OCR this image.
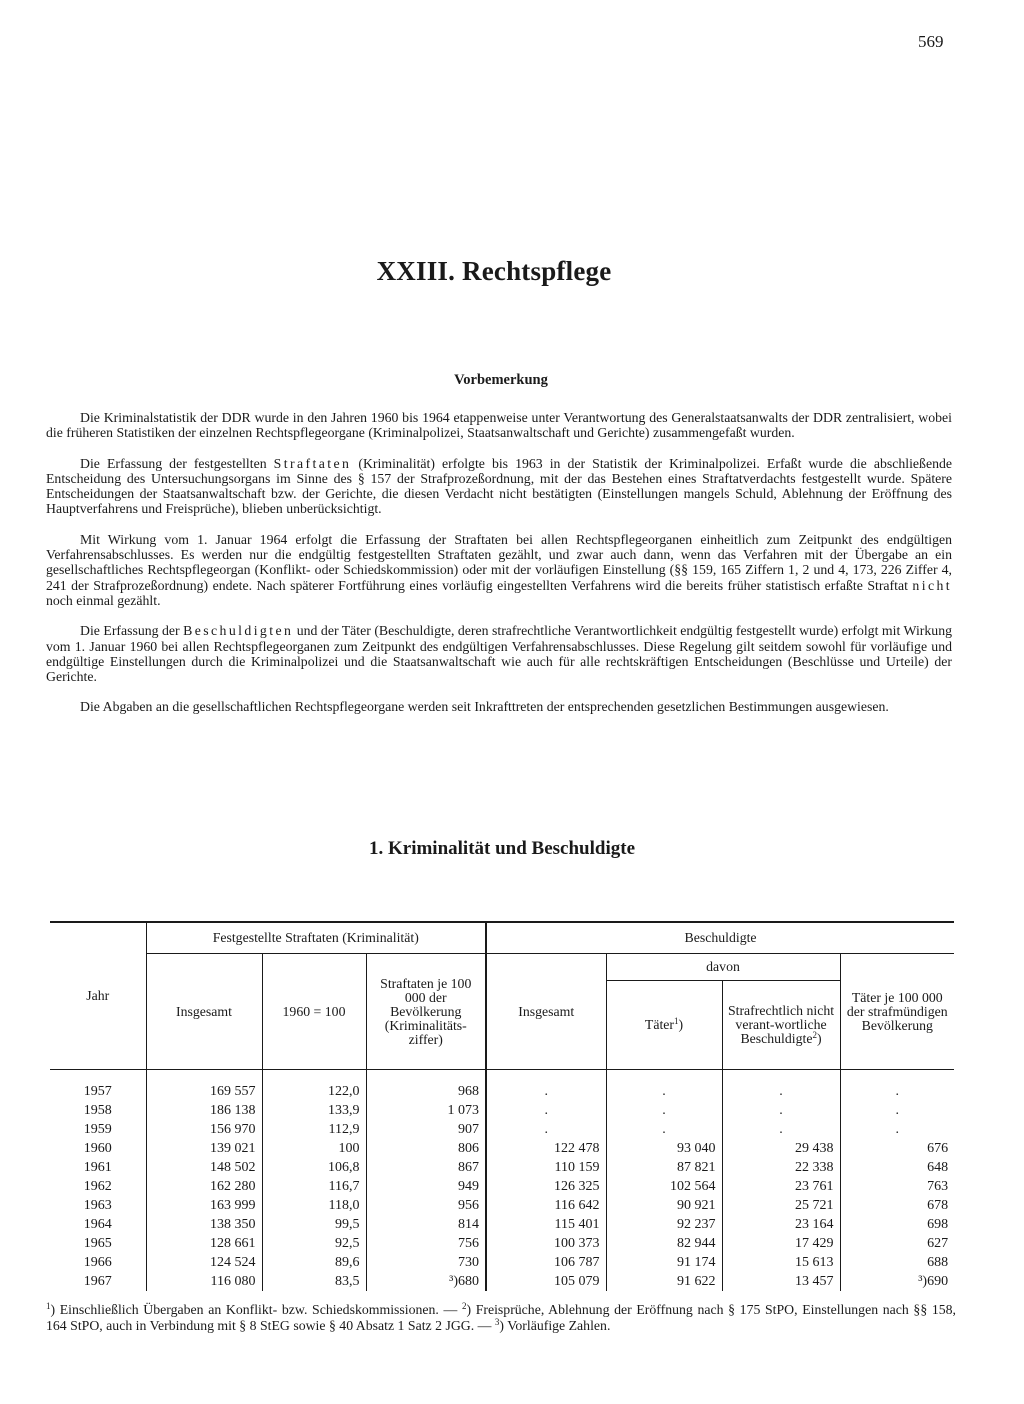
569
XXIII. Rechtspflege
Vorbemerkung

Die Kriminalstatistik der DDR wurde in den Jahren 1960 bis 1964 etappenweise unter Verantwortung des Generalstaatsanwalts der DDR zentralisiert, wobei die früheren Statistiken der einzelnen Rechtspflegeorgane (Kriminalpolizei, Staatsanwaltschaft und Gerichte) zusammengefaßt wurden.

Die Erfassung der festgestellten Straftaten (Kriminalität) erfolgte bis 1963 in der Statistik der Kriminalpolizei. Erfaßt wurde die abschließende Entscheidung des Untersuchungsorgans im Sinne des § 157 der Strafprozeßordnung, mit der das Bestehen eines Straftatverdachts festgestellt wurde. Spätere Entscheidungen der Staatsanwaltschaft bzw. der Gerichte, die diesen Verdacht nicht bestätigten (Einstellungen mangels Schuld, Ablehnung der Eröffnung des Hauptverfahrens und Freisprüche), blieben unberücksichtigt.

Mit Wirkung vom 1. Januar 1964 erfolgt die Erfassung der Straftaten bei allen Rechtspflegeorganen einheitlich zum Zeitpunkt des endgültigen Verfahrensabschlusses. Es werden nur die endgültig festgestellten Straftaten gezählt, und zwar auch dann, wenn das Verfahren mit der Übergabe an ein gesellschaftliches Rechtspflegeorgan (Konflikt- oder Schiedskommission) oder mit der vorläufigen Einstellung (§§ 159, 165 Ziffern 1, 2 und 4, 173, 226 Ziffer 4, 241 der Strafprozeßordnung) endete. Nach späterer Fortführung eines vorläufig eingestellten Verfahrens wird die bereits früher statistisch erfaßte Straftat nicht noch einmal gezählt.

Die Erfassung der Beschuldigten und der Täter (Beschuldigte, deren strafrechtliche Verantwortlichkeit endgültig festgestellt wurde) erfolgt mit Wirkung vom 1. Januar 1960 bei allen Rechtspflegeorganen zum Zeitpunkt des endgültigen Verfahrensabschlusses. Diese Regelung gilt seitdem sowohl für vorläufige und endgültige Einstellungen durch die Kriminalpolizei und die Staatsanwaltschaft wie auch für alle rechtskräftigen Entscheidungen (Beschlüsse und Urteile) der Gerichte.

Die Abgaben an die gesellschaftlichen Rechtspflegeorgane werden seit Inkrafttreten der entsprechenden gesetzlichen Bestimmungen ausgewiesen.

1. Kriminalität und Beschuldigte
Jahr	Festgestellte Straftaten (Kriminalität)			Beschuldigte			
	Insgesamt	1960 = 100	Straftaten je 100 000 der Bevölkerung (Kriminalitäts-ziffer)	Insgesamt	davon		Täter je 100 000 der strafmündigen Bevölkerung
					Täter$^1$)	Strafrechtlich nicht verant-wortliche Beschuldigte$^2$)	
1957	169 557	122,0	968	.	.	.	.
1958	186 138	133,9	1 073	.	.	.	.
1959	156 970	112,9	907	.	.	.	.
1960	139 021	100	806	122 478	93 040	29 438	676
1961	148 502	106,8	867	110 159	87 821	22 338	648
1962	162 280	116,7	949	126 325	102 564	23 761	763
1963	163 999	118,0	956	116 642	90 921	25 721	678
1964	138 350	99,5	814	115 401	92 237	23 164	698
1965	128 661	92,5	756	100 373	82 944	17 429	627
1966	124 524	89,6	730	106 787	91 174	15 613	688
1967	116 080	83,5	³)680	105 079	91 622	13 457	³)690
$^1$) Einschließlich Übergaben an Konflikt- bzw. Schiedskommissionen. — $^2$) Freisprüche, Ablehnung der Eröffnung nach § 175 StPO, Einstellungen nach §§ 158, 164 StPO, auch in Verbindung mit § 8 StEG sowie § 40 Absatz 1 Satz 2 JGG. — $^3$) Vorläufige Zahlen.
